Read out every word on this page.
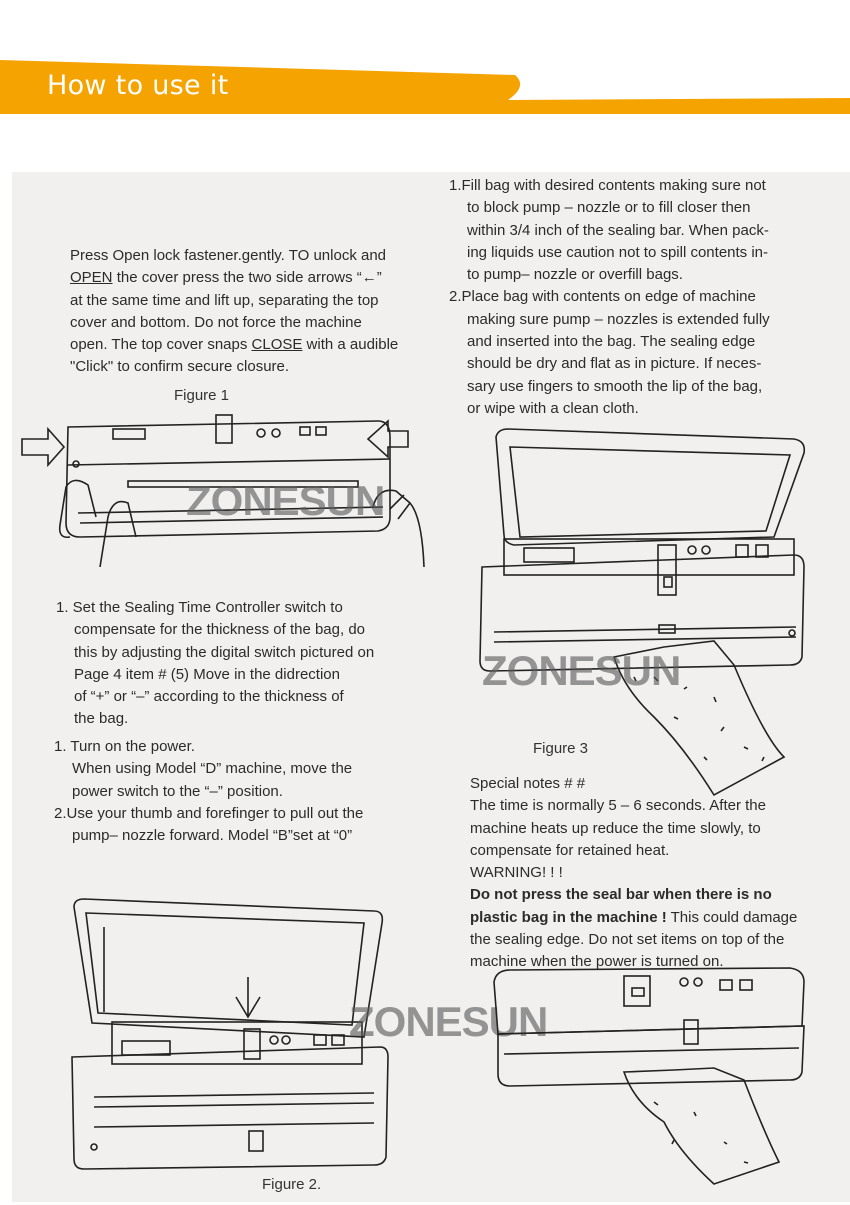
How to use it
Press Open lock fastener.gently. TO unlock and
OPEN the cover press the two side arrows “←”
at the same time and lift up, separating the top
cover and bottom. Do not force the machine
open. The top cover snaps CLOSE with a audible
"Click" to confirm secure closure.
Figure 1
ZONESUN
1. Set the Sealing Time Controller switch to
compensate for the thickness of the bag, do
this by adjusting the digital switch pictured on
Page 4 item # (5) Move in the didrection
of “+” or “–” according to the thickness of
the bag.
1. Turn on the power.
When using Model “D” machine, move the
power switch to the “–” position.
2.Use your thumb and forefinger to pull out the
pump– nozzle forward. Model “B”set at “0”
ZONESUN
Figure 2.
1.Fill bag with desired contents making sure not
to block pump – nozzle or to fill closer then
within 3/4 inch of the sealing bar. When pack-
ing liquids use caution not to spill contents in-
to pump– nozzle or overfill bags.
2.Place bag with contents on edge of machine
making sure pump – nozzles is extended fully
and inserted into the bag. The sealing edge
should be dry and flat as in picture. If neces-
sary use fingers to smooth the lip of the bag,
or wipe with a clean cloth.
ZONESUN
Figure 3
Special notes # #
The time is normally 5 – 6 seconds. After the
machine heats up reduce the time slowly, to
compensate for retained heat.
WARNING! ! !
Do not press the seal bar when there is no
plastic bag in the machine ! This could damage
the sealing edge. Do not set items on top of the
machine when the power is turned on.
